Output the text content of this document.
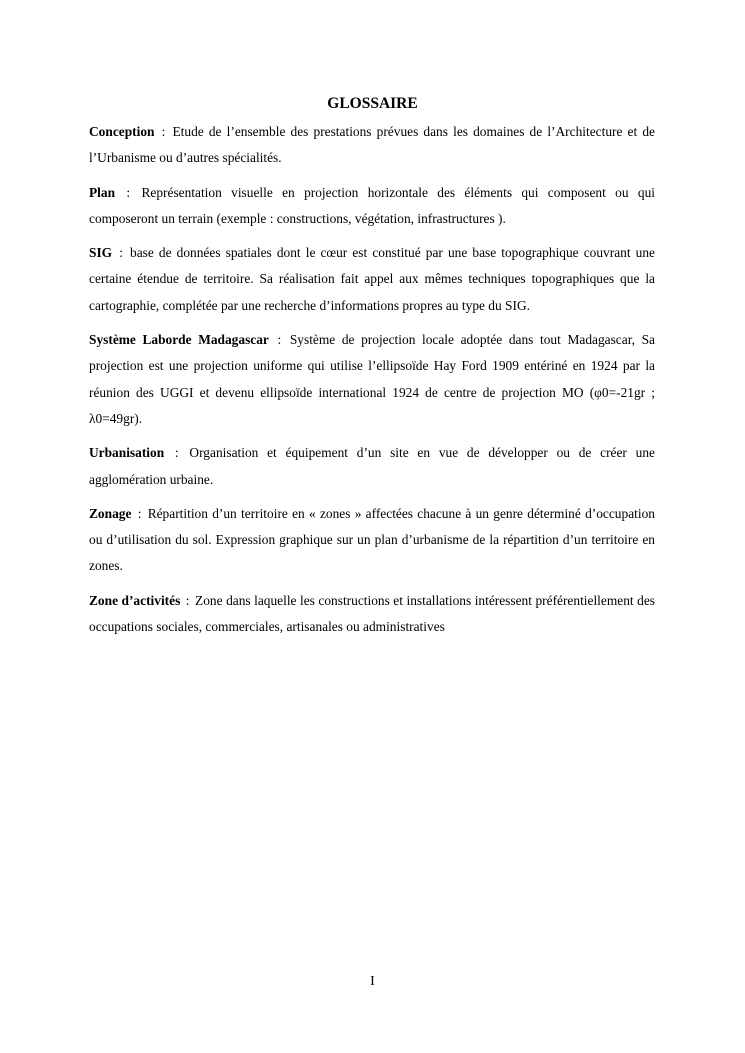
GLOSSAIRE

Conception : Etude de l’ensemble des prestations prévues dans les domaines de l’Architecture et de l’Urbanisme ou d’autres spécialités.

Plan : Représentation visuelle en projection horizontale des éléments qui composent ou qui composeront un terrain (exemple : constructions, végétation, infrastructures ).

SIG : base de données spatiales dont le cœur est constitué par une base topographique couvrant une certaine étendue de territoire. Sa réalisation fait appel aux mêmes techniques topographiques que la cartographie, complétée par une recherche d’informations propres au type du SIG.

Système Laborde Madagascar : Système de projection locale adoptée dans tout Madagascar, Sa projection est une projection uniforme qui utilise l’ellipsoïde Hay Ford 1909 entériné en 1924 par la réunion des UGGI et devenu ellipsoïde international 1924 de centre de projection MO (φ0=-21gr ; λ0=49gr).

Urbanisation : Organisation et équipement d’un site en vue de développer ou de créer une agglomération urbaine.

Zonage : Répartition d’un territoire en « zones » affectées chacune à un genre déterminé d’occupation ou d’utilisation du sol. Expression graphique sur un plan d’urbanisme de la répartition d’un territoire en zones.

Zone d’activités : Zone dans laquelle les constructions et installations intéressent préférentiellement des occupations sociales, commerciales, artisanales ou administratives

I
